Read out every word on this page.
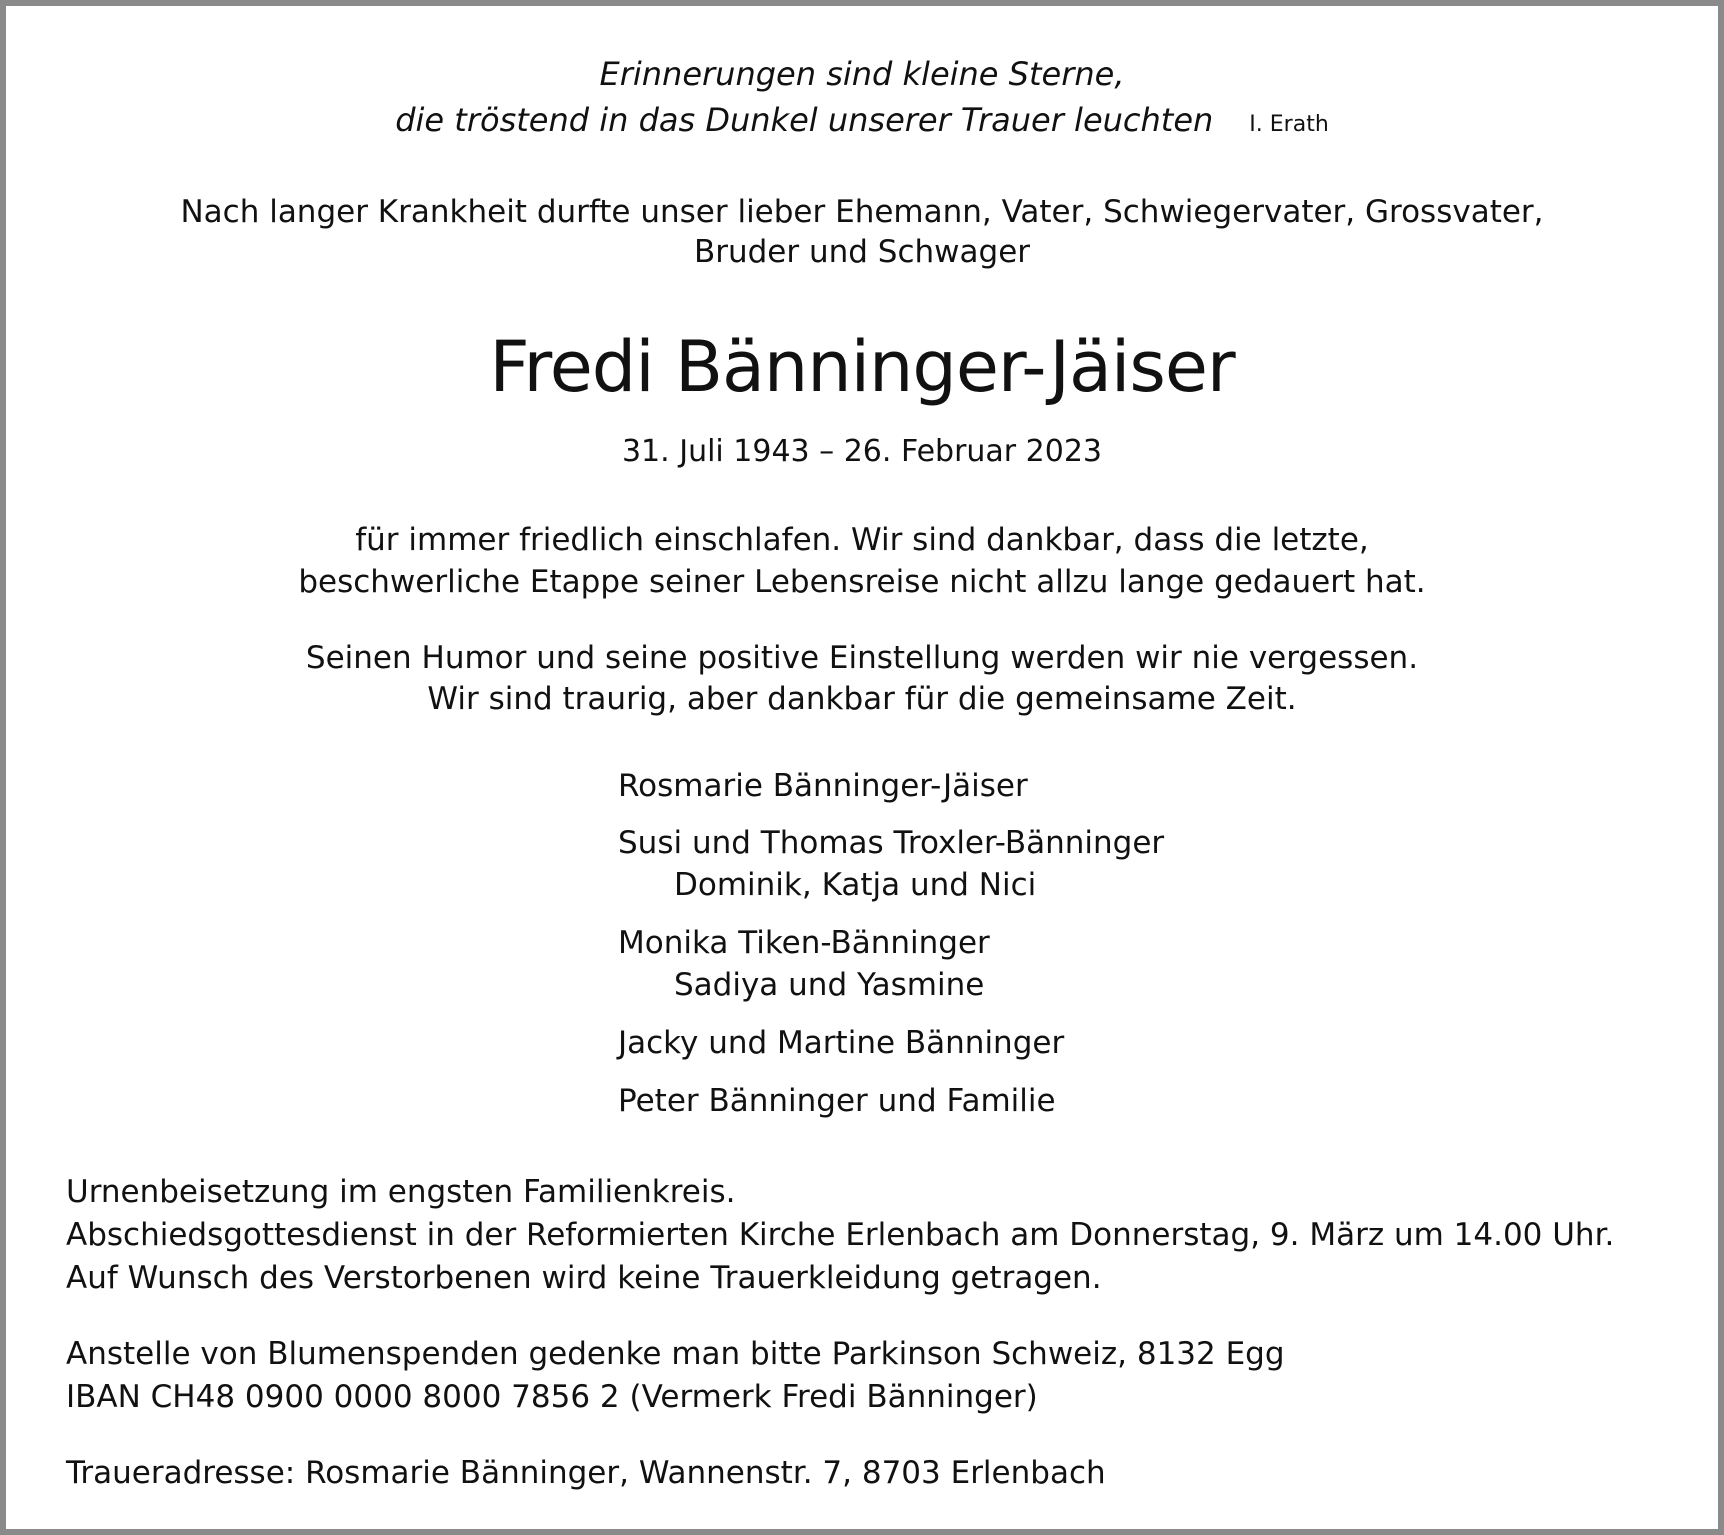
Erinnerungen sind kleine Sterne,
die tröstend in das Dunkel unserer Trauer leuchten I. Erath
Nach langer Krankheit durfte unser lieber Ehemann, Vater, Schwiegervater, Grossvater,
Bruder und Schwager
Fredi Bänninger-Jäiser
31. Juli 1943 – 26. Februar 2023
für immer friedlich einschlafen. Wir sind dankbar, dass die letzte,
beschwerliche Etappe seiner Lebensreise nicht allzu lange gedauert hat.
Seinen Humor und seine positive Einstellung werden wir nie vergessen.
Wir sind traurig, aber dankbar für die gemeinsame Zeit.
Rosmarie Bänninger-Jäiser
Susi und Thomas Troxler-Bänninger
Dominik, Katja und Nici
Monika Tiken-Bänninger
Sadiya und Yasmine
Jacky und Martine Bänninger
Peter Bänninger und Familie
Urnenbeisetzung im engsten Familienkreis.
Abschiedsgottesdienst in der Reformierten Kirche Erlenbach am Donnerstag, 9. März um 14.00 Uhr.
Auf Wunsch des Verstorbenen wird keine Trauerkleidung getragen.
Anstelle von Blumenspenden gedenke man bitte Parkinson Schweiz, 8132 Egg
IBAN CH48 0900 0000 8000 7856 2 (Vermerk Fredi Bänninger)
Traueradresse: Rosmarie Bänninger, Wannenstr. 7, 8703 Erlenbach
